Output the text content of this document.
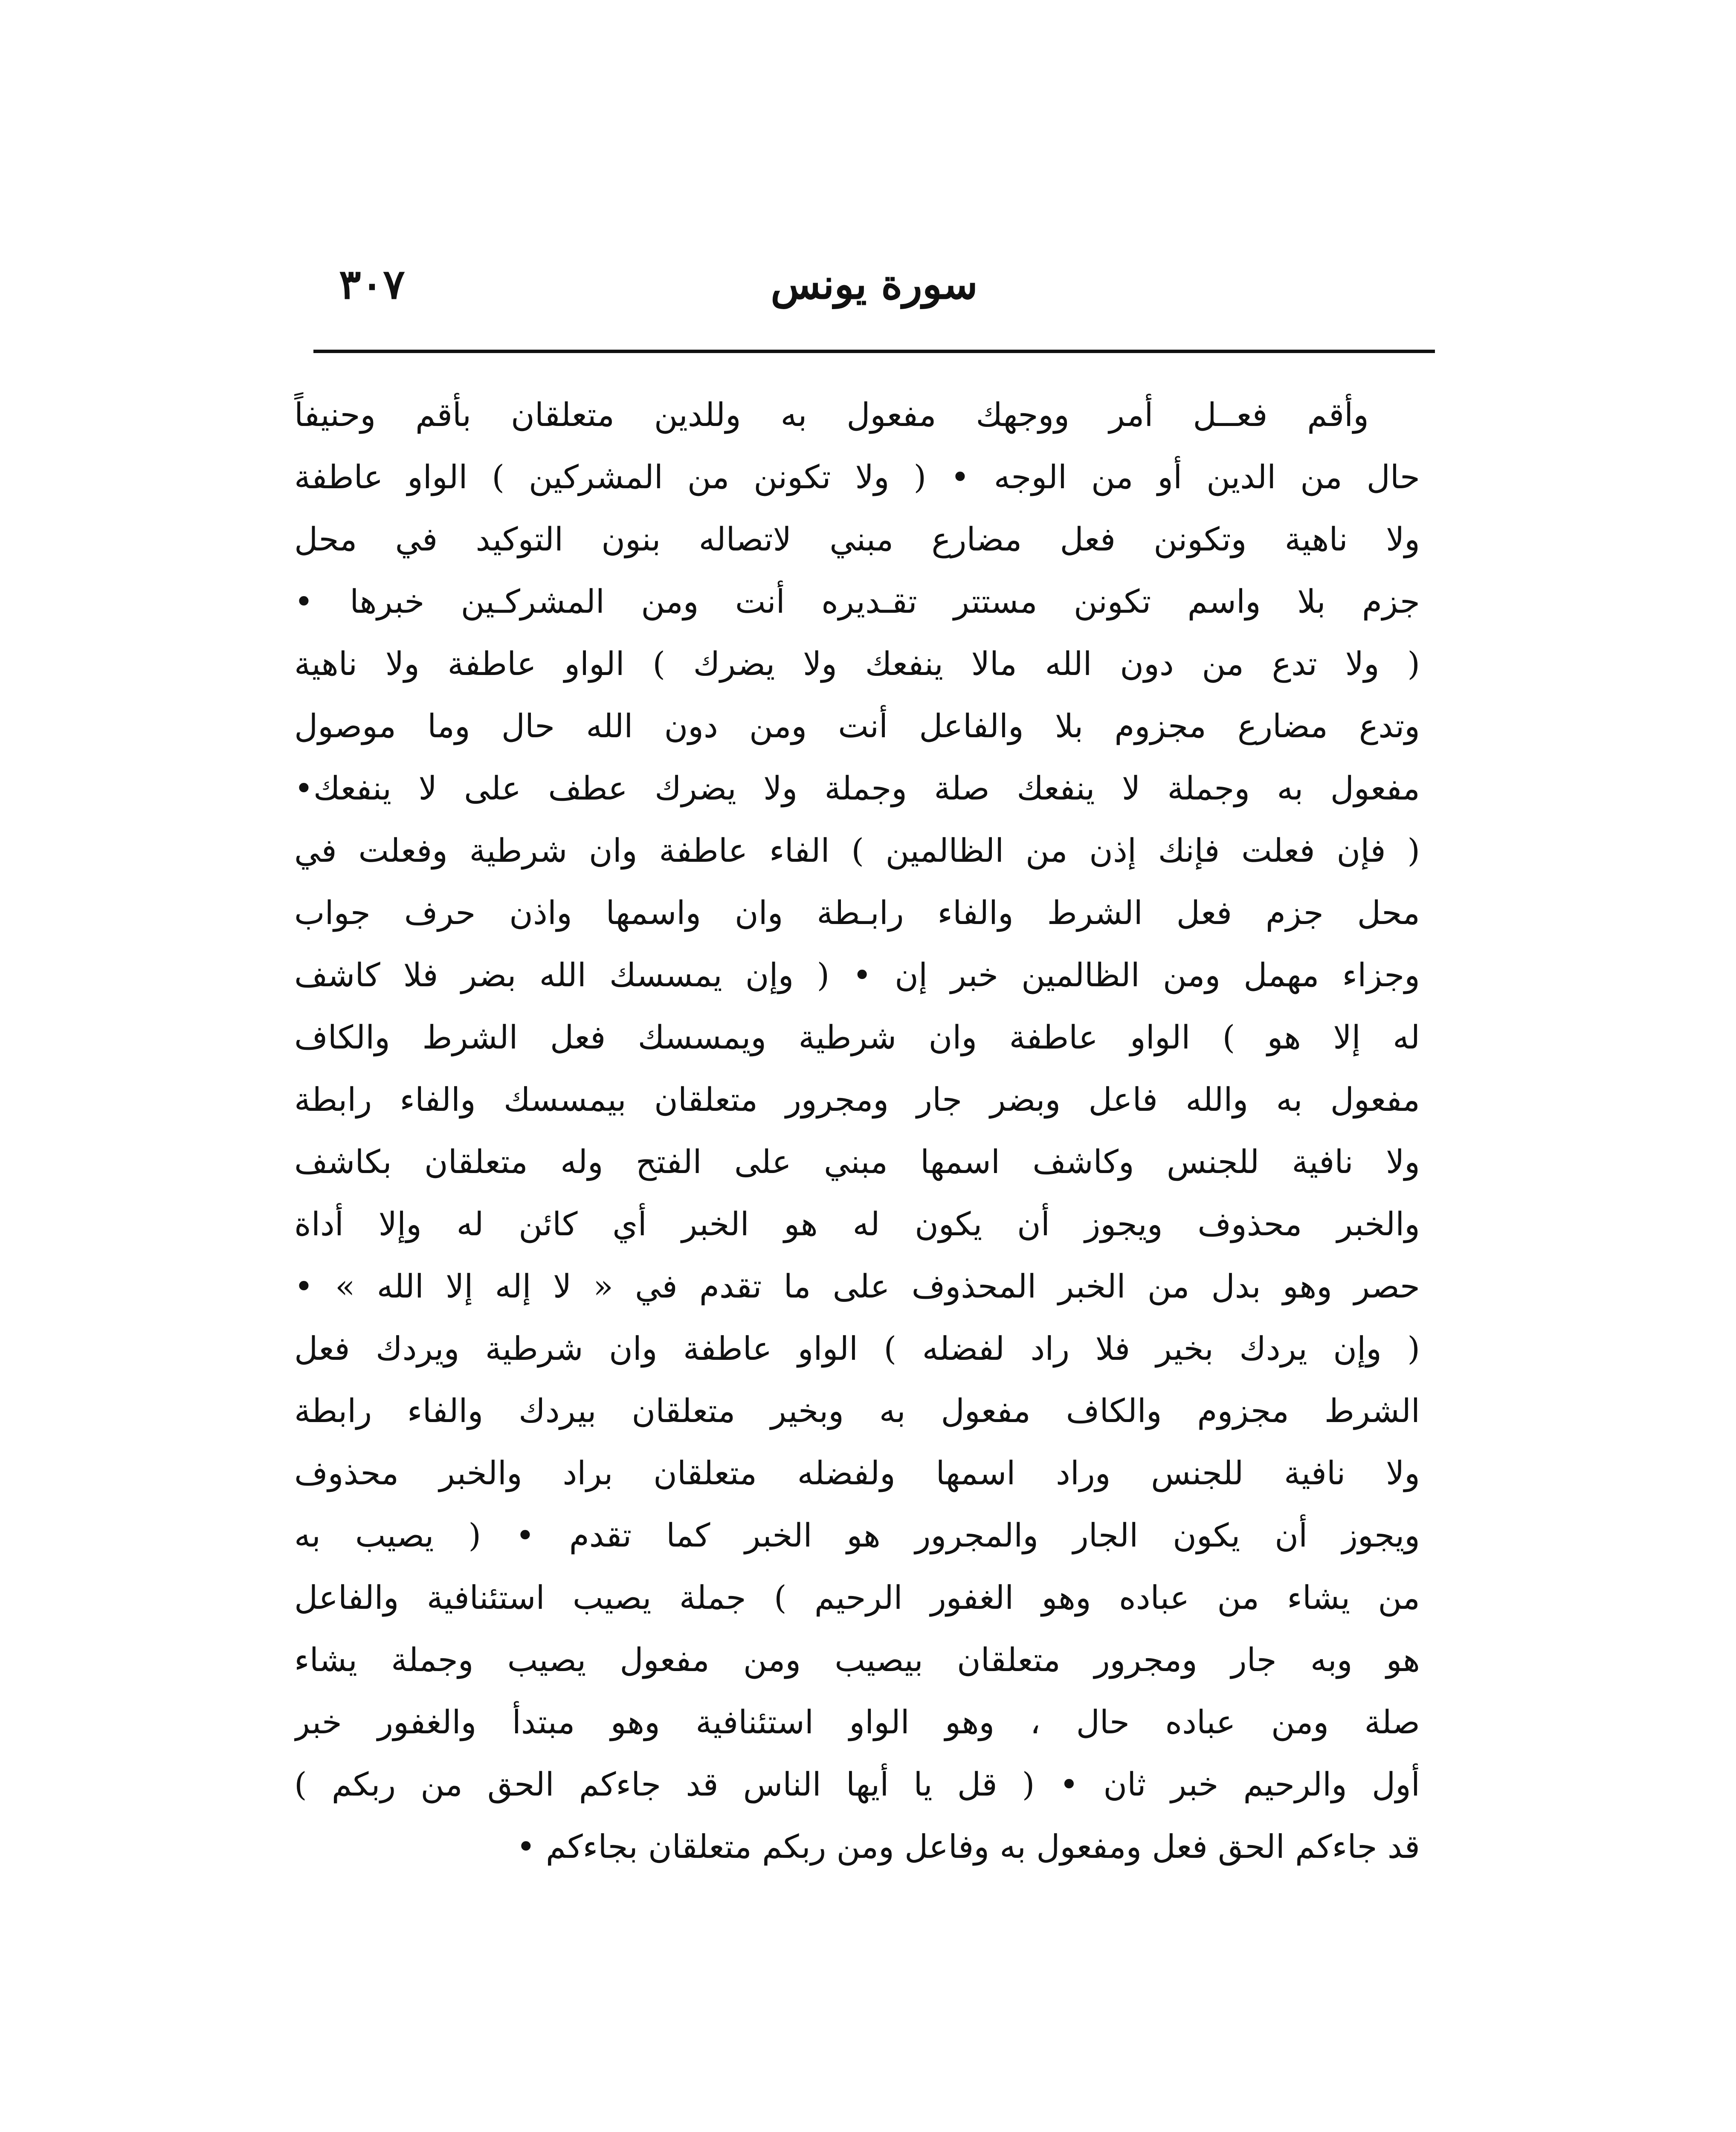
٣٠٧	سورة يونس
وأقم فعــل أمر ووجهك مفعول به وللدين متعلقان بأقم وحنيفاً
حال من الدين أو من الوجه • ( ولا تكونن من المشركين ) الواو عاطفة
ولا ناهية وتكونن فعل مضارع مبني لاتصاله بنون التوكيد في محل
جزم بلا واسم تكونن مستتر تقـديره أنت ومن المشركـين خبرها •
( ولا تدع من دون الله مالا ينفعك ولا يضرك ) الواو عاطفة ولا ناهية
وتدع مضارع مجزوم بلا والفاعل أنت ومن دون الله حال وما موصول
مفعول به وجملة لا ينفعك صلة وجملة ولا يضرك عطف على لا ينفعك•
( فإن فعلت فإنك إذن من الظالمين ) الفاء عاطفة وان شرطية وفعلت في
محل جزم فعل الشرط والفاء رابـطة وان واسمها واذن حرف جواب
وجزاء مهمل ومن الظالمين خبر إن • ( وإن يمسسك الله بضر فلا كاشف
له إلا هو ) الواو عاطفة وان شرطية ويمسسك فعل الشرط والكاف
مفعول به والله فاعل وبضر جار ومجرور متعلقان بيمسسك والفاء رابطة
ولا نافية للجنس وكاشف اسمها مبني على الفتح وله متعلقان بكاشف
والخبر محذوف ويجوز أن يكون له هو الخبر أي كائن له وإلا أداة
حصر وهو بدل من الخبر المحذوف على ما تقدم في « لا إله إلا الله » •
( وإن يردك بخير فلا راد لفضله ) الواو عاطفة وان شرطية ويردك فعل
الشرط مجزوم والكاف مفعول به وبخير متعلقان بيردك والفاء رابطة
ولا نافية للجنس وراد اسمها ولفضله متعلقان براد والخبر محذوف
ويجوز أن يكون الجار والمجرور هو الخبر كما تقدم • ( يصيب به
من يشاء من عباده وهو الغفور الرحيم ) جملة يصيب استئنافية والفاعل
هو وبه جار ومجرور متعلقان بيصيب ومن مفعول يصيب وجملة يشاء
صلة ومن عباده حال ، وهو الواو استئنافية وهو مبتدأ والغفور خبر
أول والرحيم خبر ثان • ( قل يا أيها الناس قد جاءكم الحق من ربكم )
قد جاءكم الحق فعل ومفعول به وفاعل ومن ربكم متعلقان بجاءكم •
